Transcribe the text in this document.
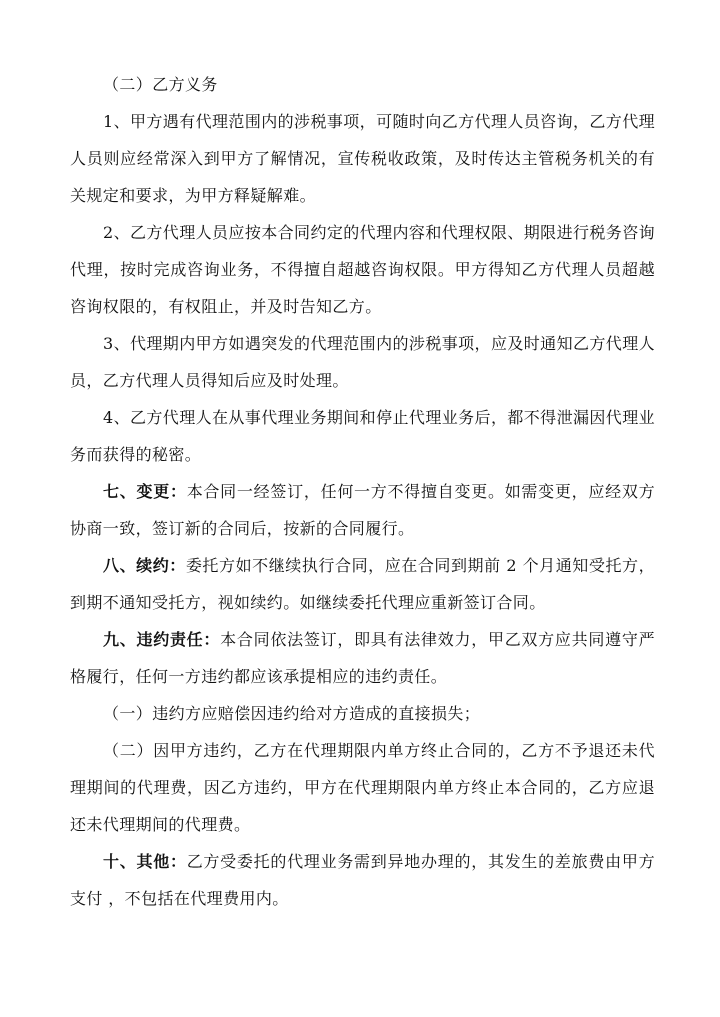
（二）乙方义务

1、甲方遇有代理范围内的涉税事项，可随时向乙方代理人员咨询，乙方代理人员则应经常深入到甲方了解情况，宣传税收政策，及时传达主管税务机关的有关规定和要求，为甲方释疑解难。

2、乙方代理人员应按本合同约定的代理内容和代理权限、期限进行税务咨询代理，按时完成咨询业务，不得擅自超越咨询权限。甲方得知乙方代理人员超越咨询权限的，有权阻止，并及时告知乙方。

3、代理期内甲方如遇突发的代理范围内的涉税事项，应及时通知乙方代理人员，乙方代理人员得知后应及时处理。

4、乙方代理人在从事代理业务期间和停止代理业务后，都不得泄漏因代理业务而获得的秘密。

七、变更：本合同一经签订，任何一方不得擅自变更。如需变更，应经双方协商一致，签订新的合同后，按新的合同履行。

八、续约：委托方如不继续执行合同，应在合同到期前 2 个月通知受托方，到期不通知受托方，视如续约。如继续委托代理应重新签订合同。

九、违约责任：本合同依法签订，即具有法律效力，甲乙双方应共同遵守严格履行，任何一方违约都应该承提相应的违约责任。

（一）违约方应赔偿因违约给对方造成的直接损失；

（二）因甲方违约，乙方在代理期限内单方终止合同的，乙方不予退还未代理期间的代理费，因乙方违约，甲方在代理期限内单方终止本合同的，乙方应退还未代理期间的代理费。

十、其他：乙方受委托的代理业务需到异地办理的，其发生的差旅费由甲方支付 ，不包括在代理费用内。
